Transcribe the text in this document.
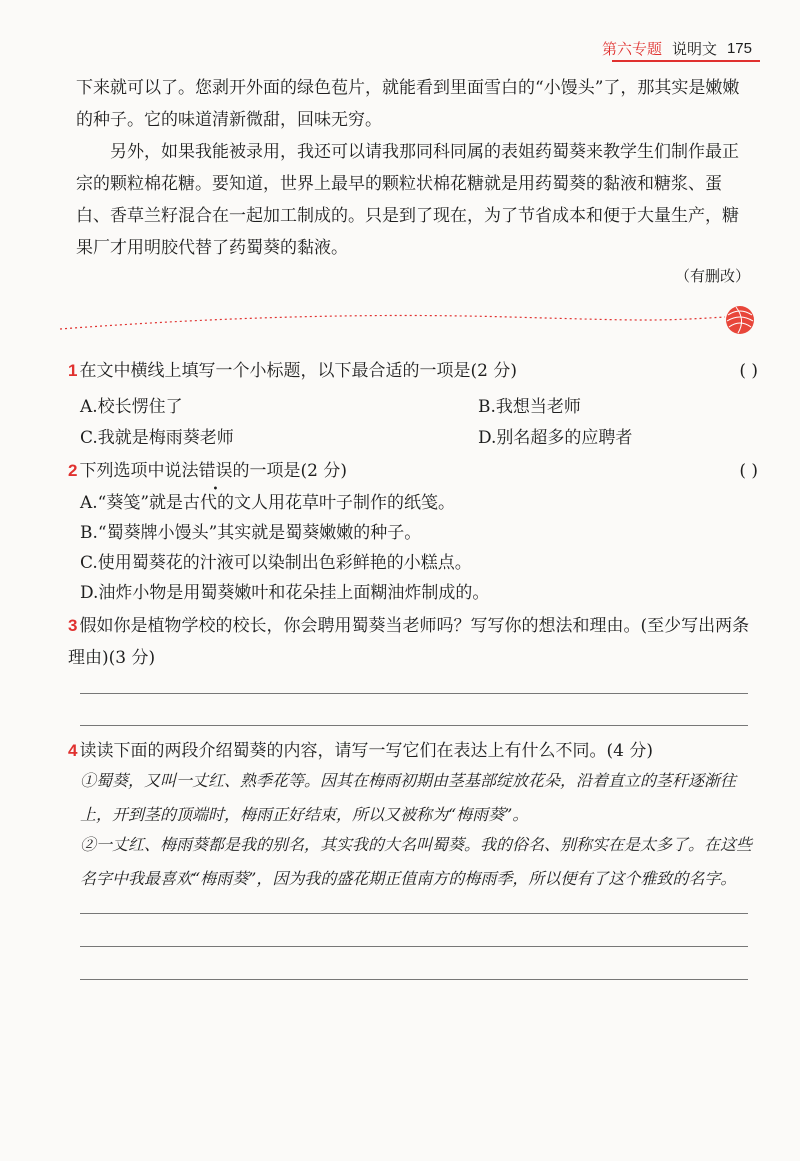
第六专题 说明文 175

下来就可以了。您剥开外面的绿色苞片，就能看到里面雪白的“小馒头”了，那其实是嫩嫩的种子。它的味道清新微甜，回味无穷。

另外，如果我能被录用，我还可以请我那同科同属的表姐药蜀葵来教学生们制作最正宗的颗粒棉花糖。要知道，世界上最早的颗粒状棉花糖就是用药蜀葵的黏液和糖浆、蛋白、香草兰籽混合在一起加工制成的。只是到了现在，为了节省成本和便于大量生产，糖果厂才用明胶代替了药蜀葵的黏液。

（有删改）
1 在文中横线上填写一个小标题，以下最合适的一项是(2 分)	( )
A.校长愣住了	B.我想当老师
C.我就是梅雨葵老师	D.别名超多的应聘者
2 下列选项中说法错误的一项是(2 分)	( )
A.“葵笺”就是古代的文人用花草叶子制作的纸笺。
B.“蜀葵牌小馒头”其实就是蜀葵嫩嫩的种子。
C.使用蜀葵花的汁液可以染制出色彩鲜艳的小糕点。
D.油炸小物是用蜀葵嫩叶和花朵挂上面糊油炸制成的。
3 假如你是植物学校的校长，你会聘用蜀葵当老师吗？写写你的想法和理由。(至少写出两条理由)(3 分)
4 读读下面的两段介绍蜀葵的内容，请写一写它们在表达上有什么不同。(4 分)
①蜀葵，又叫一丈红、熟季花等。因其在梅雨初期由茎基部绽放花朵，沿着直立的茎秆逐渐往上，开到茎的顶端时，梅雨正好结束，所以又被称为“梅雨葵”。
②一丈红、梅雨葵都是我的别名，其实我的大名叫蜀葵。我的俗名、别称实在是太多了。在这些名字中我最喜欢“梅雨葵”，因为我的盛花期正值南方的梅雨季，所以便有了这个雅致的名字。
